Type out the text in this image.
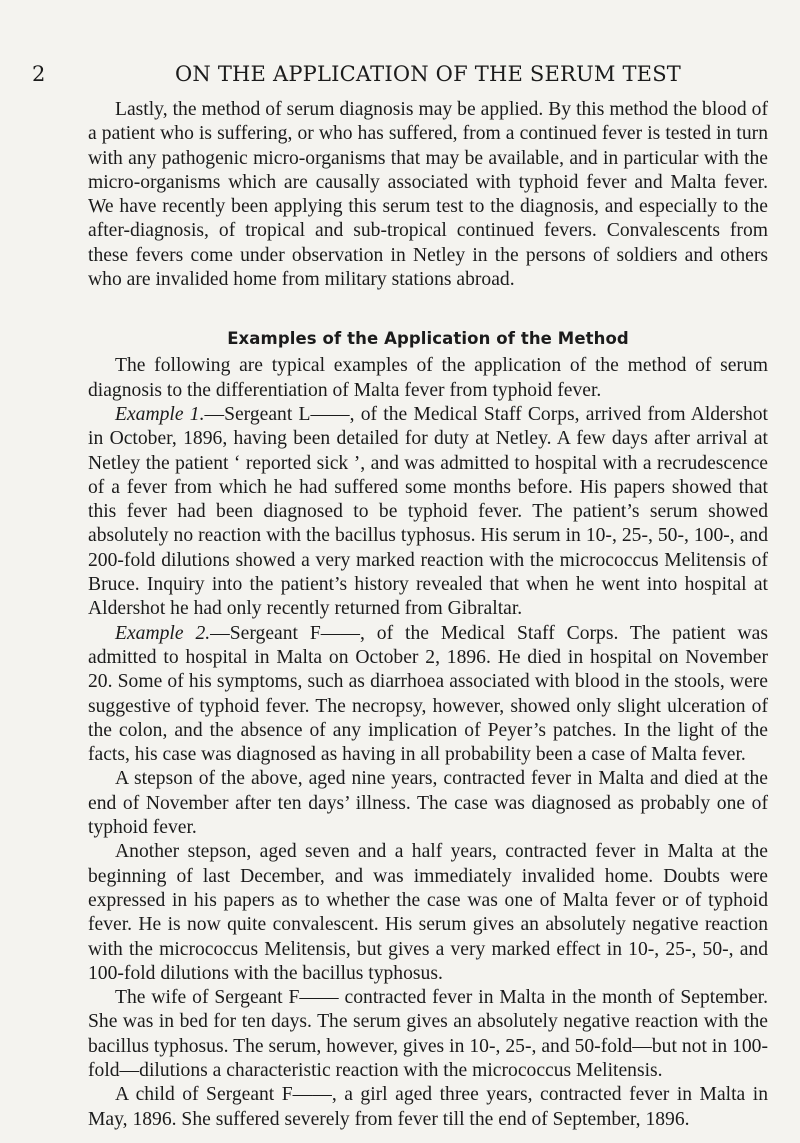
2	ON THE APPLICATION OF THE SERUM TEST

Lastly, the method of serum diagnosis may be applied. By this method the blood of a patient who is suffering, or who has suffered, from a continued fever is tested in turn with any pathogenic micro-organisms that may be available, and in particular with the micro-organisms which are causally associated with typhoid fever and Malta fever. We have recently been applying this serum test to the diagnosis, and especially to the after-diagnosis, of tropical and sub-tropical continued fevers. Convalescents from these fevers come under observation in Netley in the persons of soldiers and others who are invalided home from military stations abroad.

Examples of the Application of the Method

The following are typical examples of the application of the method of serum diagnosis to the differentiation of Malta fever from typhoid fever.

Example 1.—Sergeant L——, of the Medical Staff Corps, arrived from Aldershot in October, 1896, having been detailed for duty at Netley. A few days after arrival at Netley the patient ‘ reported sick ’, and was admitted to hospital with a recrudescence of a fever from which he had suffered some months before. His papers showed that this fever had been diagnosed to be typhoid fever. The patient’s serum showed absolutely no reaction with the bacillus typhosus. His serum in 10-, 25-, 50-, 100-, and 200-fold dilutions showed a very marked reaction with the micrococcus Melitensis of Bruce. Inquiry into the patient’s history revealed that when he went into hospital at Aldershot he had only recently returned from Gibraltar.

Example 2.—Sergeant F——, of the Medical Staff Corps. The patient was admitted to hospital in Malta on October 2, 1896. He died in hospital on November 20. Some of his symptoms, such as diarrhoea associated with blood in the stools, were suggestive of typhoid fever. The necropsy, however, showed only slight ulceration of the colon, and the absence of any implication of Peyer’s patches. In the light of the facts, his case was diagnosed as having in all probability been a case of Malta fever.

A stepson of the above, aged nine years, contracted fever in Malta and died at the end of November after ten days’ illness. The case was diagnosed as probably one of typhoid fever.

Another stepson, aged seven and a half years, contracted fever in Malta at the beginning of last December, and was immediately invalided home. Doubts were expressed in his papers as to whether the case was one of Malta fever or of typhoid fever. He is now quite convalescent. His serum gives an absolutely negative reaction with the micrococcus Melitensis, but gives a very marked effect in 10-, 25-, 50-, and 100-fold dilutions with the bacillus typhosus.

The wife of Sergeant F—— contracted fever in Malta in the month of September. She was in bed for ten days. The serum gives an absolutely negative reaction with the bacillus typhosus. The serum, however, gives in 10-, 25-, and 50-fold—but not in 100-fold—dilutions a characteristic reaction with the micrococcus Melitensis.

A child of Sergeant F——, a girl aged three years, contracted fever in Malta in May, 1896. She suffered severely from fever till the end of September, 1896.
